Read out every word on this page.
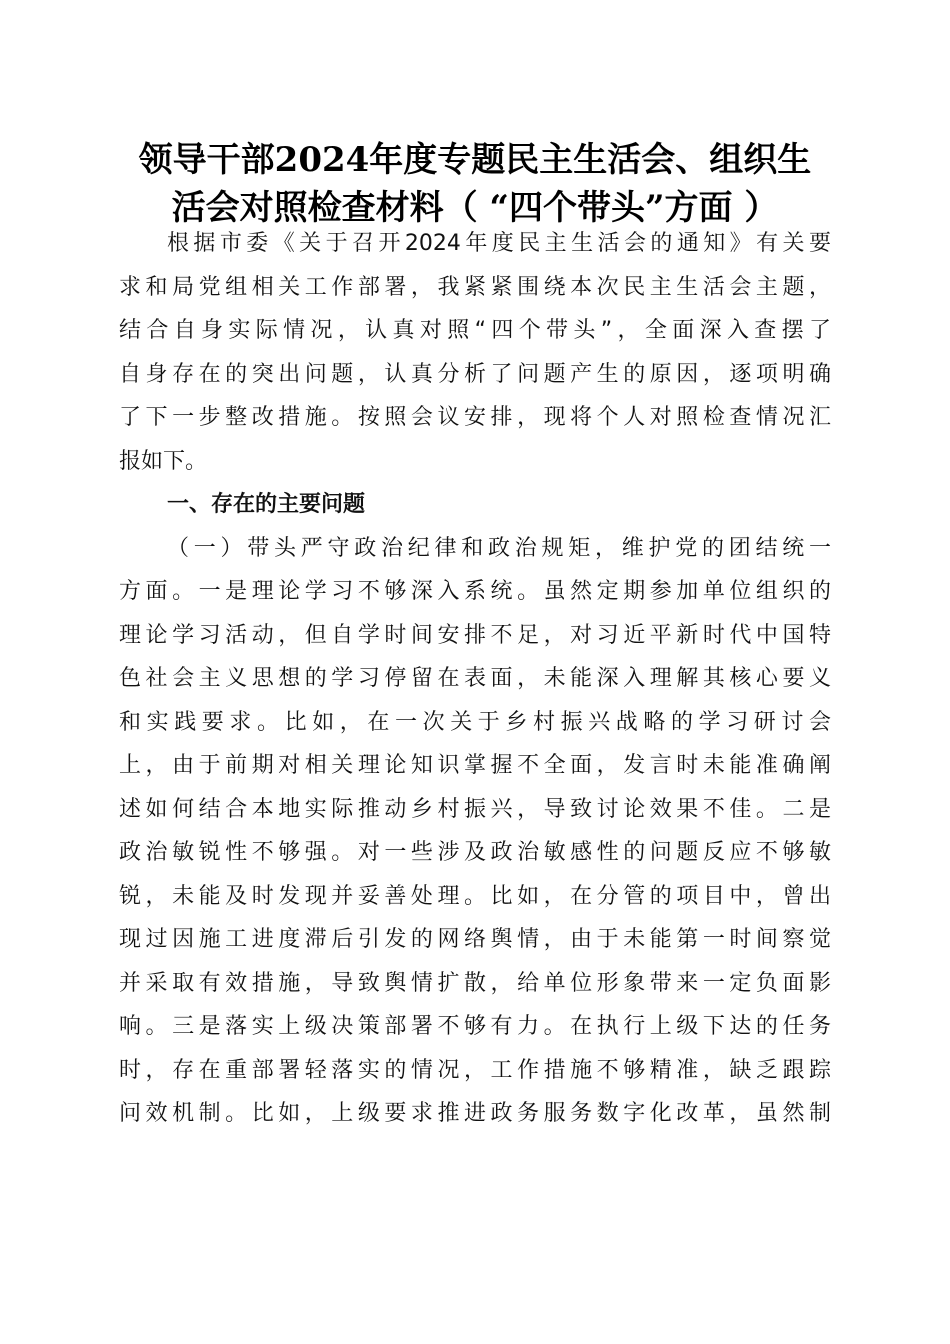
领导干部2024年度专题民主生活会、组织生
活会对照检查材料（ “四个带头”方面 ）
根据市委《关于召开2024年度民主生活会的通知》有关要
求和局党组相关工作部署，我紧紧围绕本次民主生活会主题，
结合自身实际情况，认真对照“四个带头”，全面深入查摆了
自身存在的突出问题，认真分析了问题产生的原因，逐项明确
了下一步整改措施。按照会议安排，现将个人对照检查情况汇
报如下。
一、存在的主要问题
（一）带头严守政治纪律和政治规矩，维护党的团结统一
方面。一是理论学习不够深入系统。虽然定期参加单位组织的
理论学习活动，但自学时间安排不足，对习近平新时代中国特
色社会主义思想的学习停留在表面，未能深入理解其核心要义
和实践要求。比如，在一次关于乡村振兴战略的学习研讨会
上，由于前期对相关理论知识掌握不全面，发言时未能准确阐
述如何结合本地实际推动乡村振兴，导致讨论效果不佳。二是
政治敏锐性不够强。对一些涉及政治敏感性的问题反应不够敏
锐，未能及时发现并妥善处理。比如，在分管的项目中，曾出
现过因施工进度滞后引发的网络舆情，由于未能第一时间察觉
并采取有效措施，导致舆情扩散，给单位形象带来一定负面影
响。三是落实上级决策部署不够有力。在执行上级下达的任务
时，存在重部署轻落实的情况，工作措施不够精准，缺乏跟踪
问效机制。比如，上级要求推进政务服务数字化改革，虽然制
